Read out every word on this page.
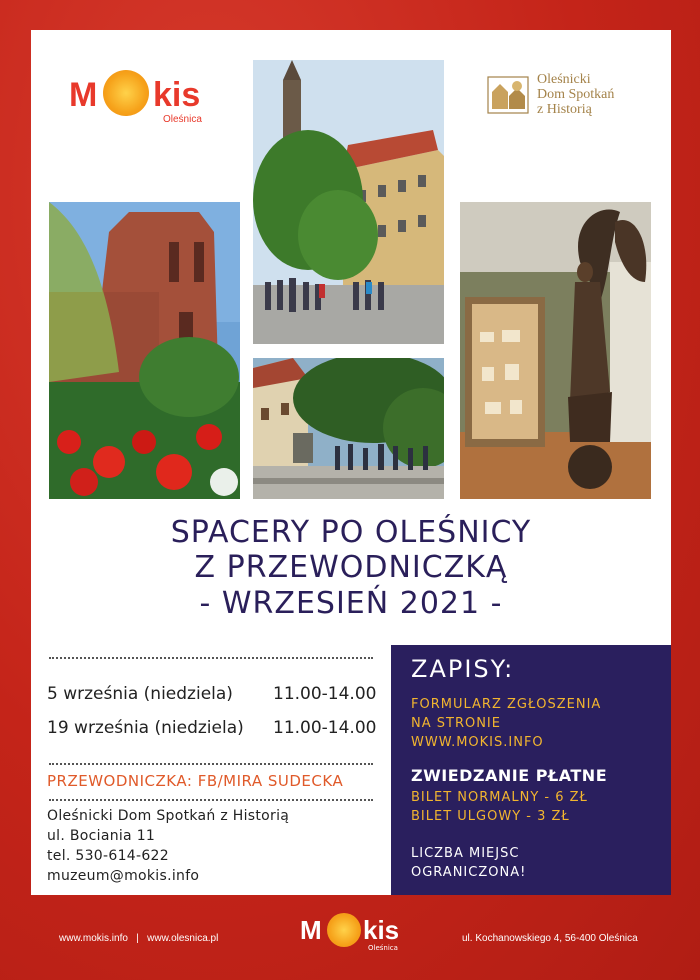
M kis
Oleśnica
Oleśnicki
Dom Spotkań
z Historią
SPACERY PO OLEŚNICY
Z PRZEWODNICZKĄ
- WRZESIEŃ 2021 -
5 września (niedziela) 11.00-14.00
19 września (niedziela) 11.00-14.00
PRZEWODNICZKA: FB/MIRA SUDECKA
Oleśnicki Dom Spotkań z Historią
ul. Bociania 11
tel. 530-614-622
muzeum@mokis.info
ZAPISY:
FORMULARZ ZGŁOSZENIA
NA STRONIE
WWW.MOKIS.INFO
ZWIEDZANIE PŁATNE
BILET NORMALNY - 6 ZŁ
BILET ULGOWY - 3 ZŁ
LICZBA MIEJSC
OGRANICZONA!
www.mokis.info   |   www.olesnica.pl	M kis
Oleśnica
ul. Kochanowskiego 4, 56-400 Oleśnica
